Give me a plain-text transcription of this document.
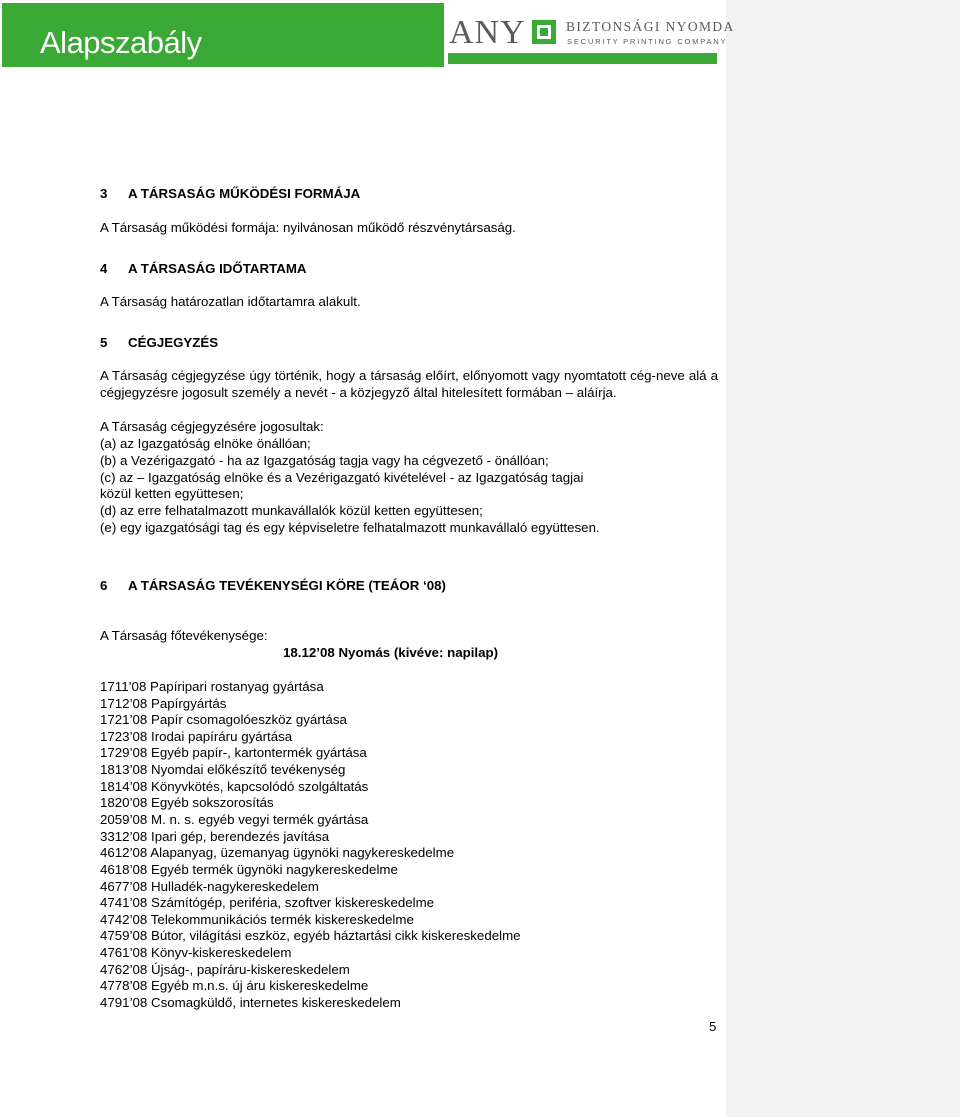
Alapszabály	ANY	BIZTONSÁGI NYOMDA
SECURITY PRINTING COMPANY
KORÁBBAN ÁLLAMI NYOMDA
3 A TÁRSASÁG MŰKÖDÉSI FORMÁJA
A Társaság működési formája: nyilvánosan működő részvénytársaság.
4 A TÁRSASÁG IDŐTARTAMA
A Társaság határozatlan időtartamra alakult.
5 CÉGJEGYZÉS
A Társaság cégjegyzése úgy történik, hogy a társaság előírt, előnyomott vagy nyomtatott cég-neve alá a cégjegyzésre jogosult személy a nevét - a közjegyző által hitelesített formában – aláírja.
A Társaság cégjegyzésére jogosultak:
(a) az Igazgatóság elnöke önállóan;
(b) a Vezérigazgató - ha az Igazgatóság tagja vagy ha cégvezető - önállóan;
(c) az – Igazgatóság elnöke és a Vezérigazgató kivételével - az Igazgatóság tagjai
közül ketten együttesen;
(d) az erre felhatalmazott munkavállalók közül ketten együttesen;
(e) egy igazgatósági tag és egy képviseletre felhatalmazott munkavállaló együttesen.
6 A TÁRSASÁG TEVÉKENYSÉGI KÖRE (TEÁOR ‘08)
A Társaság főtevékenysége:
18.12’08 Nyomás (kivéve: napilap)
1711’08 Papíripari rostanyag gyártása
1712’08 Papírgyártás
1721’08 Papír csomagolóeszköz gyártása
1723’08 Irodai papíráru gyártása
1729’08 Egyéb papír-, kartontermék gyártása
1813’08 Nyomdai előkészítő tevékenység
1814’08 Könyvkötés, kapcsolódó szolgáltatás
1820’08 Egyéb sokszorosítás
2059’08 M. n. s. egyéb vegyi termék gyártása
3312’08 Ipari gép, berendezés javítása
4612’08 Alapanyag, üzemanyag ügynöki nagykereskedelme
4618’08 Egyéb termék ügynöki nagykereskedelme
4677’08 Hulladék-nagykereskedelem
4741’08 Számítógép, periféria, szoftver kiskereskedelme
4742’08 Telekommunikációs termék kiskereskedelme
4759’08 Bútor, világítási eszköz, egyéb háztartási cikk kiskereskedelme
4761’08 Könyv-kiskereskedelem
4762’08 Újság-, papíráru-kiskereskedelem
4778’08 Egyéb m.n.s. új áru kiskereskedelme
4791’08 Csomagküldő, internetes kiskereskedelem
5
